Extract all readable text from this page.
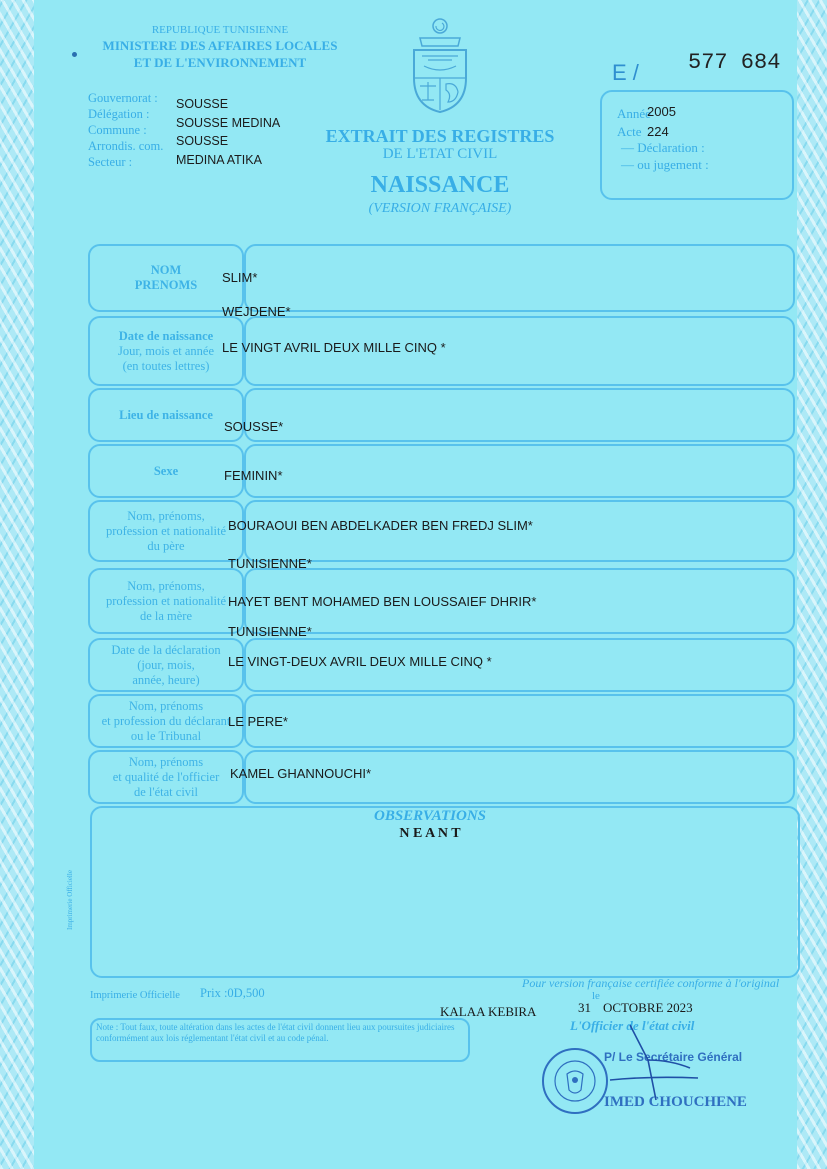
REPUBLIQUE TUNISIENNE
MINISTERE DES AFFAIRES LOCALES
ET DE L'ENVIRONNEMENT	E / 577 684
Gouvernorat :
Délégation :
Commune :
Arrondis. com.
Secteur :
SOUSSE
SOUSSE MEDINA
SOUSSE
MEDINA ATIKA
EXTRAIT DES REGISTRES
DE L'ETAT CIVIL
NAISSANCE
(VERSION FRANÇAISE)
Année
2005
Acte 224
— Déclaration :
— ou jugement :
NOM
PRENOMS SLIM*
WEJDENE*
Date de naissance
Jour, mois et année
(en toutes lettres)
LE VINGT AVRIL DEUX MILLE CINQ *
Lieu de naissance
SOUSSE*
Sexe	FEMININ*
Nom, prénoms,
profession et nationalité
du père
BOURAOUI BEN ABDELKADER BEN FREDJ SLIM*
TUNISIENNE*
Nom, prénoms,
profession et nationalité
de la mère
HAYET BENT MOHAMED BEN LOUSSAIEF DHRIR*
TUNISIENNE*
Date de la déclaration
(jour, mois,
année, heure)
LE VINGT-DEUX AVRIL DEUX MILLE CINQ *
Nom, prénoms
et profession du déclarant
ou le Tribunal
LE PERE*
Nom, prénoms
et qualité de l'officier
de l'état civil
KAMEL GHANNOUCHI*
OBSERVATIONS
N E A N T
Imprimerie Officielle
Imprimerie Officielle Prix :0D,500
Pour version française certifiée conforme à l'original
KALAA KEBIRA
le
31 OCTOBRE 2023
L'Officier de l'état civil
Note : Tout faux, toute altération dans les actes de l'état civil donnent lieu aux poursuites judiciaires conformément aux lois réglementant l'état civil et au code pénal.
P/ Le Secrétaire Général
IMED CHOUCHENE
